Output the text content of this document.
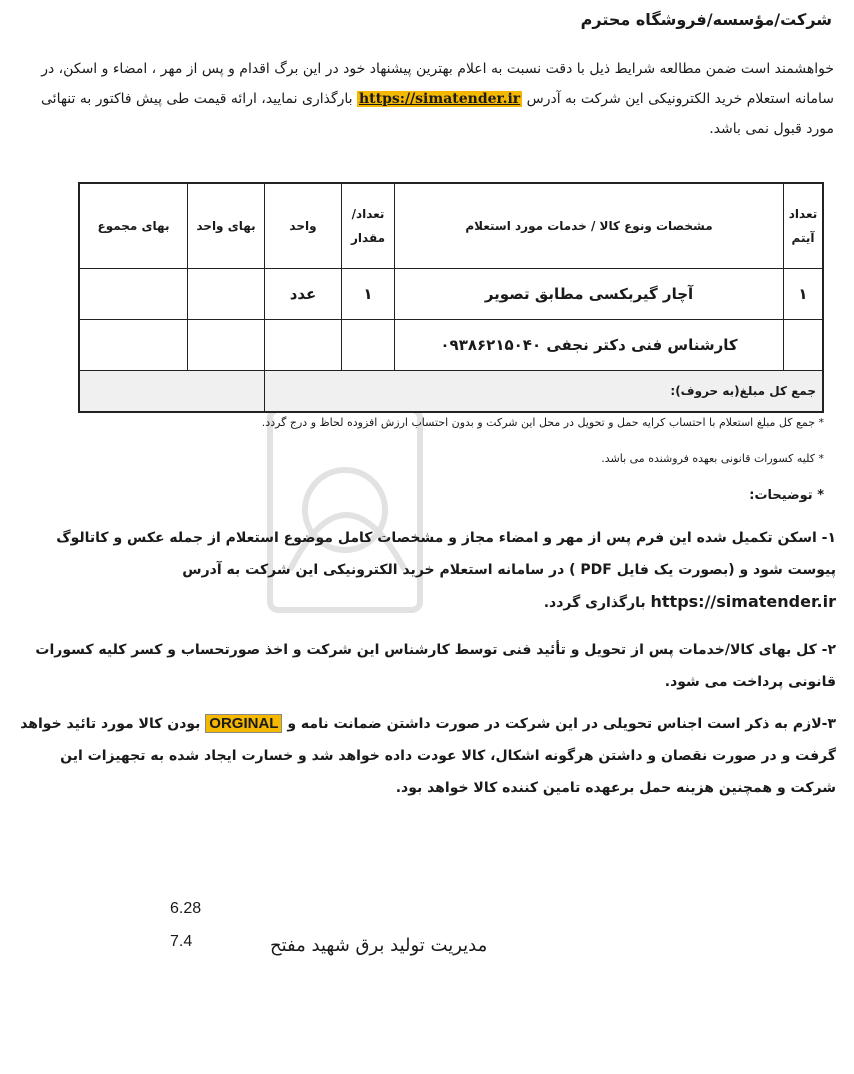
شرکت/مؤسسه/فروشگاه محترم
خواهشمند است ضمن مطالعه شرایط ذیل با دقت نسبت به اعلام بهترین پیشنهاد خود در این برگ اقدام و پس از مهر ، امضاء و اسکن، در سامانه استعلام خرید الکترونیکی این شرکت به آدرس https://simatender.ir بارگذاری نمایید، ارائه قیمت طی پیش فاکتور به تنهائی مورد قبول نمی باشد.
تعداد آیتم	مشخصات ونوع کالا / خدمات مورد استعلام	تعداد/ مقدار	واحد	بهای واحد	بهای مجموع
۱	آچار گیربکسی مطابق تصویر	۱	عدد		
	کارشناس فنی دکتر نجفی ۰۹۳۸۶۲۱۵۰۴۰				
جمع کل مبلغ(به حروف):					
* جمع کل مبلغ استعلام با احتساب کرایه حمل و تحویل در محل این شرکت و بدون احتساب ارزش افزوده لحاظ و درج گردد.
* کلیه کسورات قانونی بعهده فروشنده می باشد.
* توضیحات:
۱- اسکن تکمیل شده این فرم پس از مهر و امضاء مجاز و مشخصات کامل موضوع استعلام از جمله عکس و کاتالوگ پیوست شود و (بصورت یک فایل PDF ) در سامانه استعلام خرید الکترونیکی این شرکت به آدرس https://simatender.ir بارگذاری گردد.
۲- کل بهای کالا/خدمات پس از تحویل و تأئید فنی توسط کارشناس این شرکت و اخذ صورتحساب و کسر کلیه کسورات قانونی پرداخت می شود.
۳-لازم به ذکر است اجناس تحویلی در این شرکت در صورت داشتن ضمانت نامه و ORGINAL بودن کالا مورد تائید خواهد گرفت و در صورت نقصان و داشتن هرگونه اشکال، کالا عودت داده خواهد شد و خسارت ایجاد شده به تجهیزات این شرکت و همچنین هزینه حمل برعهده تامین کننده کالا خواهد بود.
6.28
7.4	مدیریت تولید برق شهید مفتح
